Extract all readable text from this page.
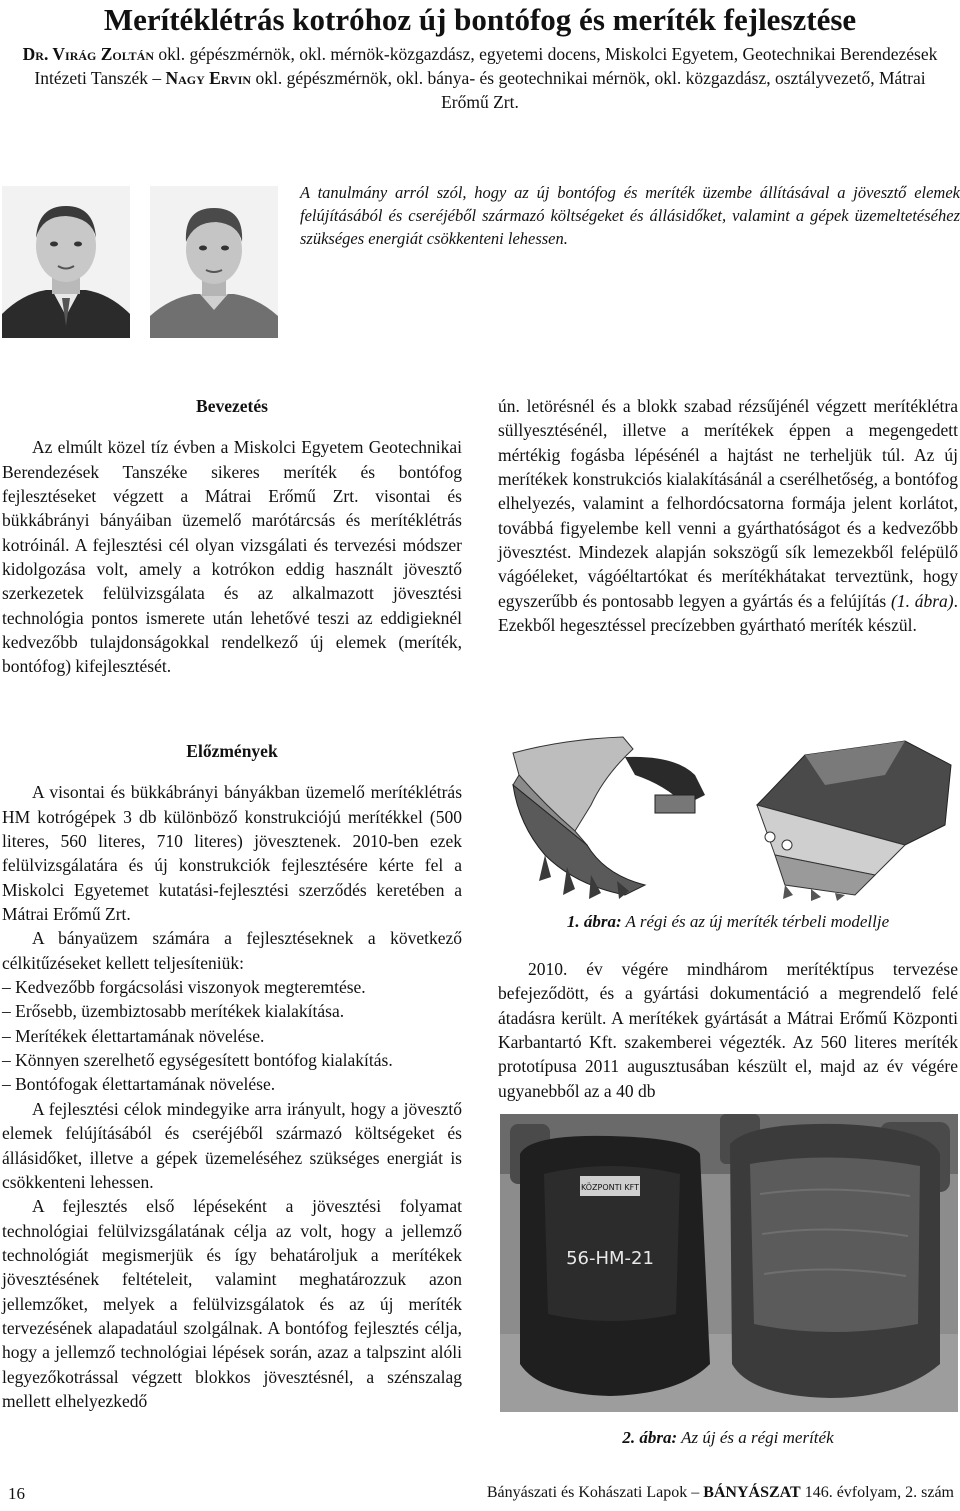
Merítéklétrás kotróhoz új bontófog és meríték fejlesztése
Dr. Virág Zoltán okl. gépészmérnök, okl. mérnök-közgazdász, egyetemi docens, Miskolci Egyetem, Geotechnikai Berendezések Intézeti Tanszék – Nagy Ervin okl. gépészmérnök, okl. bánya- és geotechnikai mérnök, okl. közgazdász, osztályvezető, Mátrai Erőmű Zrt.
A tanulmány arról szól, hogy az új bontófog és meríték üzembe állításával a jövesztő elemek felújításából és cseréjéből származó költségeket és állásidőket, valamint a gépek üzemeltetéséhez szükséges energiát csökkenteni lehessen.

Bevezetés

Az elmúlt közel tíz évben a Miskolci Egyetem Geotechnikai Berendezések Tanszéke sikeres meríték és bontófog fejlesztéseket végzett a Mátrai Erőmű Zrt. visontai és bükkábrányi bányáiban üzemelő marótárcsás és merítéklétrás kotróinál. A fejlesztési cél olyan vizsgálati és tervezési módszer kidolgozása volt, amely a kotrókon eddig használt jövesztő szerkezetek felülvizsgálata és az alkalmazott jövesztési technológia pontos ismerete után lehetővé teszi az eddigieknél kedvezőbb tulajdonságokkal rendelkező új elemek (meríték, bontófog) kifejlesztését.

Előzmények

A visontai és bükkábrányi bányákban üzemelő merítéklétrás HM kotrógépek 3 db különböző konstrukciójú merítékkel (500 literes, 560 literes, 710 literes) jövesztenek. 2010-ben ezek felülvizsgálatára és új konstrukciók fejlesztésére kérte fel a Miskolci Egyetemet kutatási-fejlesztési szerződés keretében a Mátrai Erőmű Zrt.

A bányaüzem számára a fejlesztéseknek a következő célkitűzéseket kellett teljesíteniük:

– Kedvezőbb forgácsolási viszonyok megteremtése.

– Erősebb, üzembiztosabb merítékek kialakítása.

– Merítékek élettartamának növelése.

– Könnyen szerelhető egységesített bontófog kialakítás.

– Bontófogak élettartamának növelése.

A fejlesztési célok mindegyike arra irányult, hogy a jövesztő elemek felújításából és cseréjéből származó költségeket és állásidőket, illetve a gépek üzemeléséhez szükséges energiát is csökkenteni lehessen.

A fejlesztés első lépéseként a jövesztési folyamat technológiai felülvizsgálatának célja az volt, hogy a jellemző technológiát megismerjük és így behatároljuk a merítékek jövesztésének feltételeit, valamint meghatározzuk azon jellemzőket, melyek a felülvizsgálatok és az új meríték tervezésének alapadatául szolgálnak. A bontófog fejlesztés célja, hogy a jellemző technológiai lépések során, azaz a talpszint alóli legyezőkotrással végzett blokkos jövesztésnél, a szénszalag mellett elhelyezkedő

ún. letörésnél és a blokk szabad rézsűjénél végzett merítéklétra süllyesztésénél, illetve a merítékek éppen a megengedett mértékig fogásba lépésénél a hajtást ne terheljük túl. Az új merítékek konstrukciós kialakításánál a cserélhetőség, a bontófog elhelyezés, valamint a felhordócsatorna formája jelent korlátot, továbbá figyelembe kell venni a gyárthatóságot és a kedvezőbb jövesztést. Mindezek alapján sokszögű sík lemezekből felépülő vágóéleket, vágóéltartókat és merítékhátakat terveztünk, hogy egyszerűbb és pontosabb legyen a gyártás és a felújítás (1. ábra). Ezekből hegesztéssel precízebben gyártható meríték készül.

1. ábra: A régi és az új meríték térbeli modellje

2010. év végére mindhárom merítéktípus tervezése befejeződött, és a gyártási dokumentáció a megrendelő felé átadásra került. A merítékek gyártását a Mátrai Erőmű Központi Karbantartó Kft. szakemberei végezték. Az 560 literes meríték prototípusa 2011 augusztusában készült el, majd az év végére ugyanebből az a 40 db

KÖZPONTI KFT
56-HM-21
2. ábra: Az új és a régi meríték
16	Bányászati és Kohászati Lapok – BÁNYÁSZAT 146. évfolyam, 2. szám
